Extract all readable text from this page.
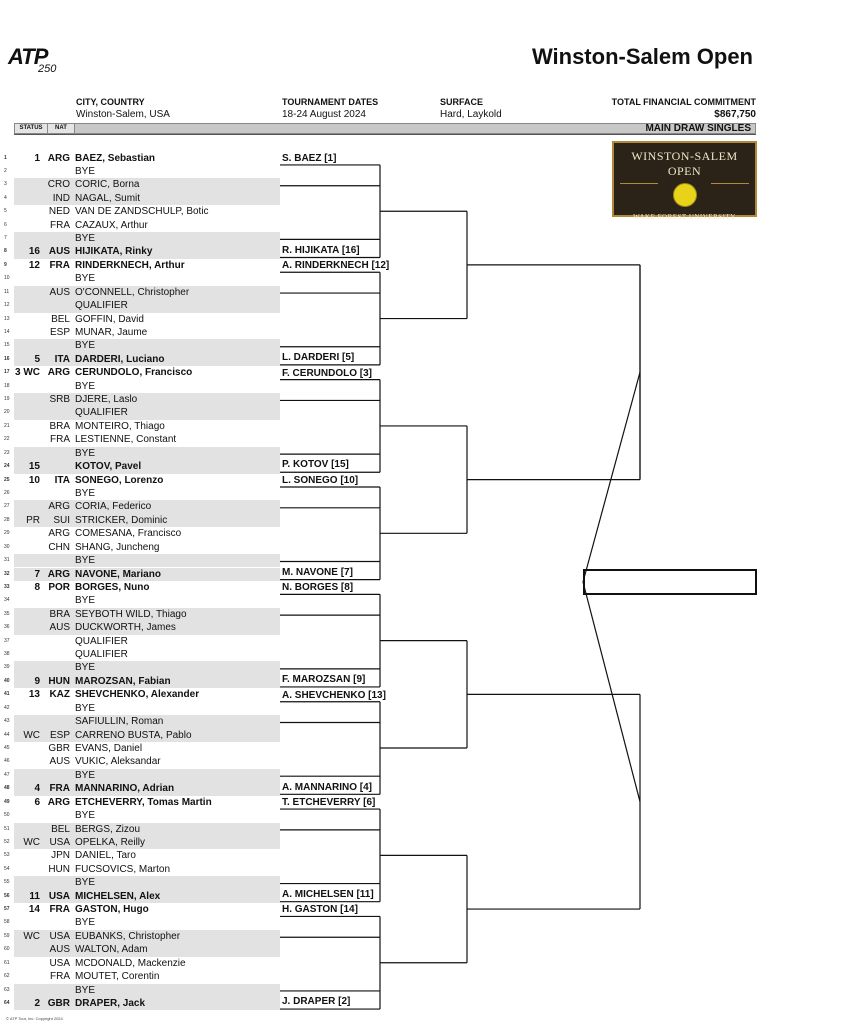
ATP
250	Winston-Salem Open
CITY, COUNTRY
Winston-Salem, USA
TOURNAMENT DATES
18-24 August 2024
SURFACE
Hard, Laykold
TOTAL FINANCIAL COMMITMENT
$867,750
STATUS	NAT	MAIN DRAW SINGLES
WINSTON-SALEM OPEN
WAKE FOREST UNIVERSITY
1	1 ARG BAEZ, Sebastian
2	BYE
3	CRO CORIC, Borna
4	IND NAGAL, Sumit
5	NED VAN DE ZANDSCHULP, Botic
6	FRA CAZAUX, Arthur
7	BYE
8	16 AUS HIJIKATA, Rinky
9	12 FRA RINDERKNECH, Arthur
10	BYE
11	AUS O'CONNELL, Christopher
12	QUALIFIER
13	BEL GOFFIN, David
14	ESP MUNAR, Jaume
15	BYE
16	5	ITA DARDERI, Luciano
17 3 WC ARG CERUNDOLO, Francisco
18	BYE
19	SRB DJERE, Laslo
20	QUALIFIER
21	BRA MONTEIRO, Thiago
22	FRA LESTIENNE, Constant
23	BYE
24	15	KOTOV, Pavel
25	10	ITA SONEGO, Lorenzo
26	BYE
27	ARG CORIA, Federico
28	PR	SUI STRICKER, Dominic
29	ARG COMESANA, Francisco
30	CHN SHANG, Juncheng
31	BYE
32	7 ARG NAVONE, Mariano
33	8 POR BORGES, Nuno
34	BYE
35	BRA SEYBOTH WILD, Thiago
36	AUS DUCKWORTH, James
37	QUALIFIER
38	QUALIFIER
39	BYE
40	9 HUN MAROZSAN, Fabian
41	13 KAZ SHEVCHENKO, Alexander
42	BYE
43	SAFIULLIN, Roman
44	WC ESP CARRENO BUSTA, Pablo
45	GBR EVANS, Daniel
46	AUS VUKIC, Aleksandar
47	BYE
48	4 FRA MANNARINO, Adrian
49	6 ARG ETCHEVERRY, Tomas Martin
50	BYE
51	BEL BERGS, Zizou
52	WC USA OPELKA, Reilly
53	JPN DANIEL, Taro
54	HUN FUCSOVICS, Marton
55	BYE
56	11 USA MICHELSEN, Alex
57	14 FRA GASTON, Hugo
58	BYE
59	WC USA EUBANKS, Christopher
60	AUS WALTON, Adam
61	USA MCDONALD, Mackenzie
62	FRA MOUTET, Corentin
63	BYE
64	2 GBR DRAPER, Jack
S. BAEZ [1]
R. HIJIKATA [16]
A. RINDERKNECH [12]
L. DARDERI [5]
F. CERUNDOLO [3]
P. KOTOV [15]
L. SONEGO [10]
M. NAVONE [7]
N. BORGES [8]
F. MAROZSAN [9]
A. SHEVCHENKO [13]
A. MANNARINO [4]
T. ETCHEVERRY [6]
A. MICHELSEN [11]
H. GASTON [14]
J. DRAPER [2]
© ATP Tour, Inc. Copyright 2024
